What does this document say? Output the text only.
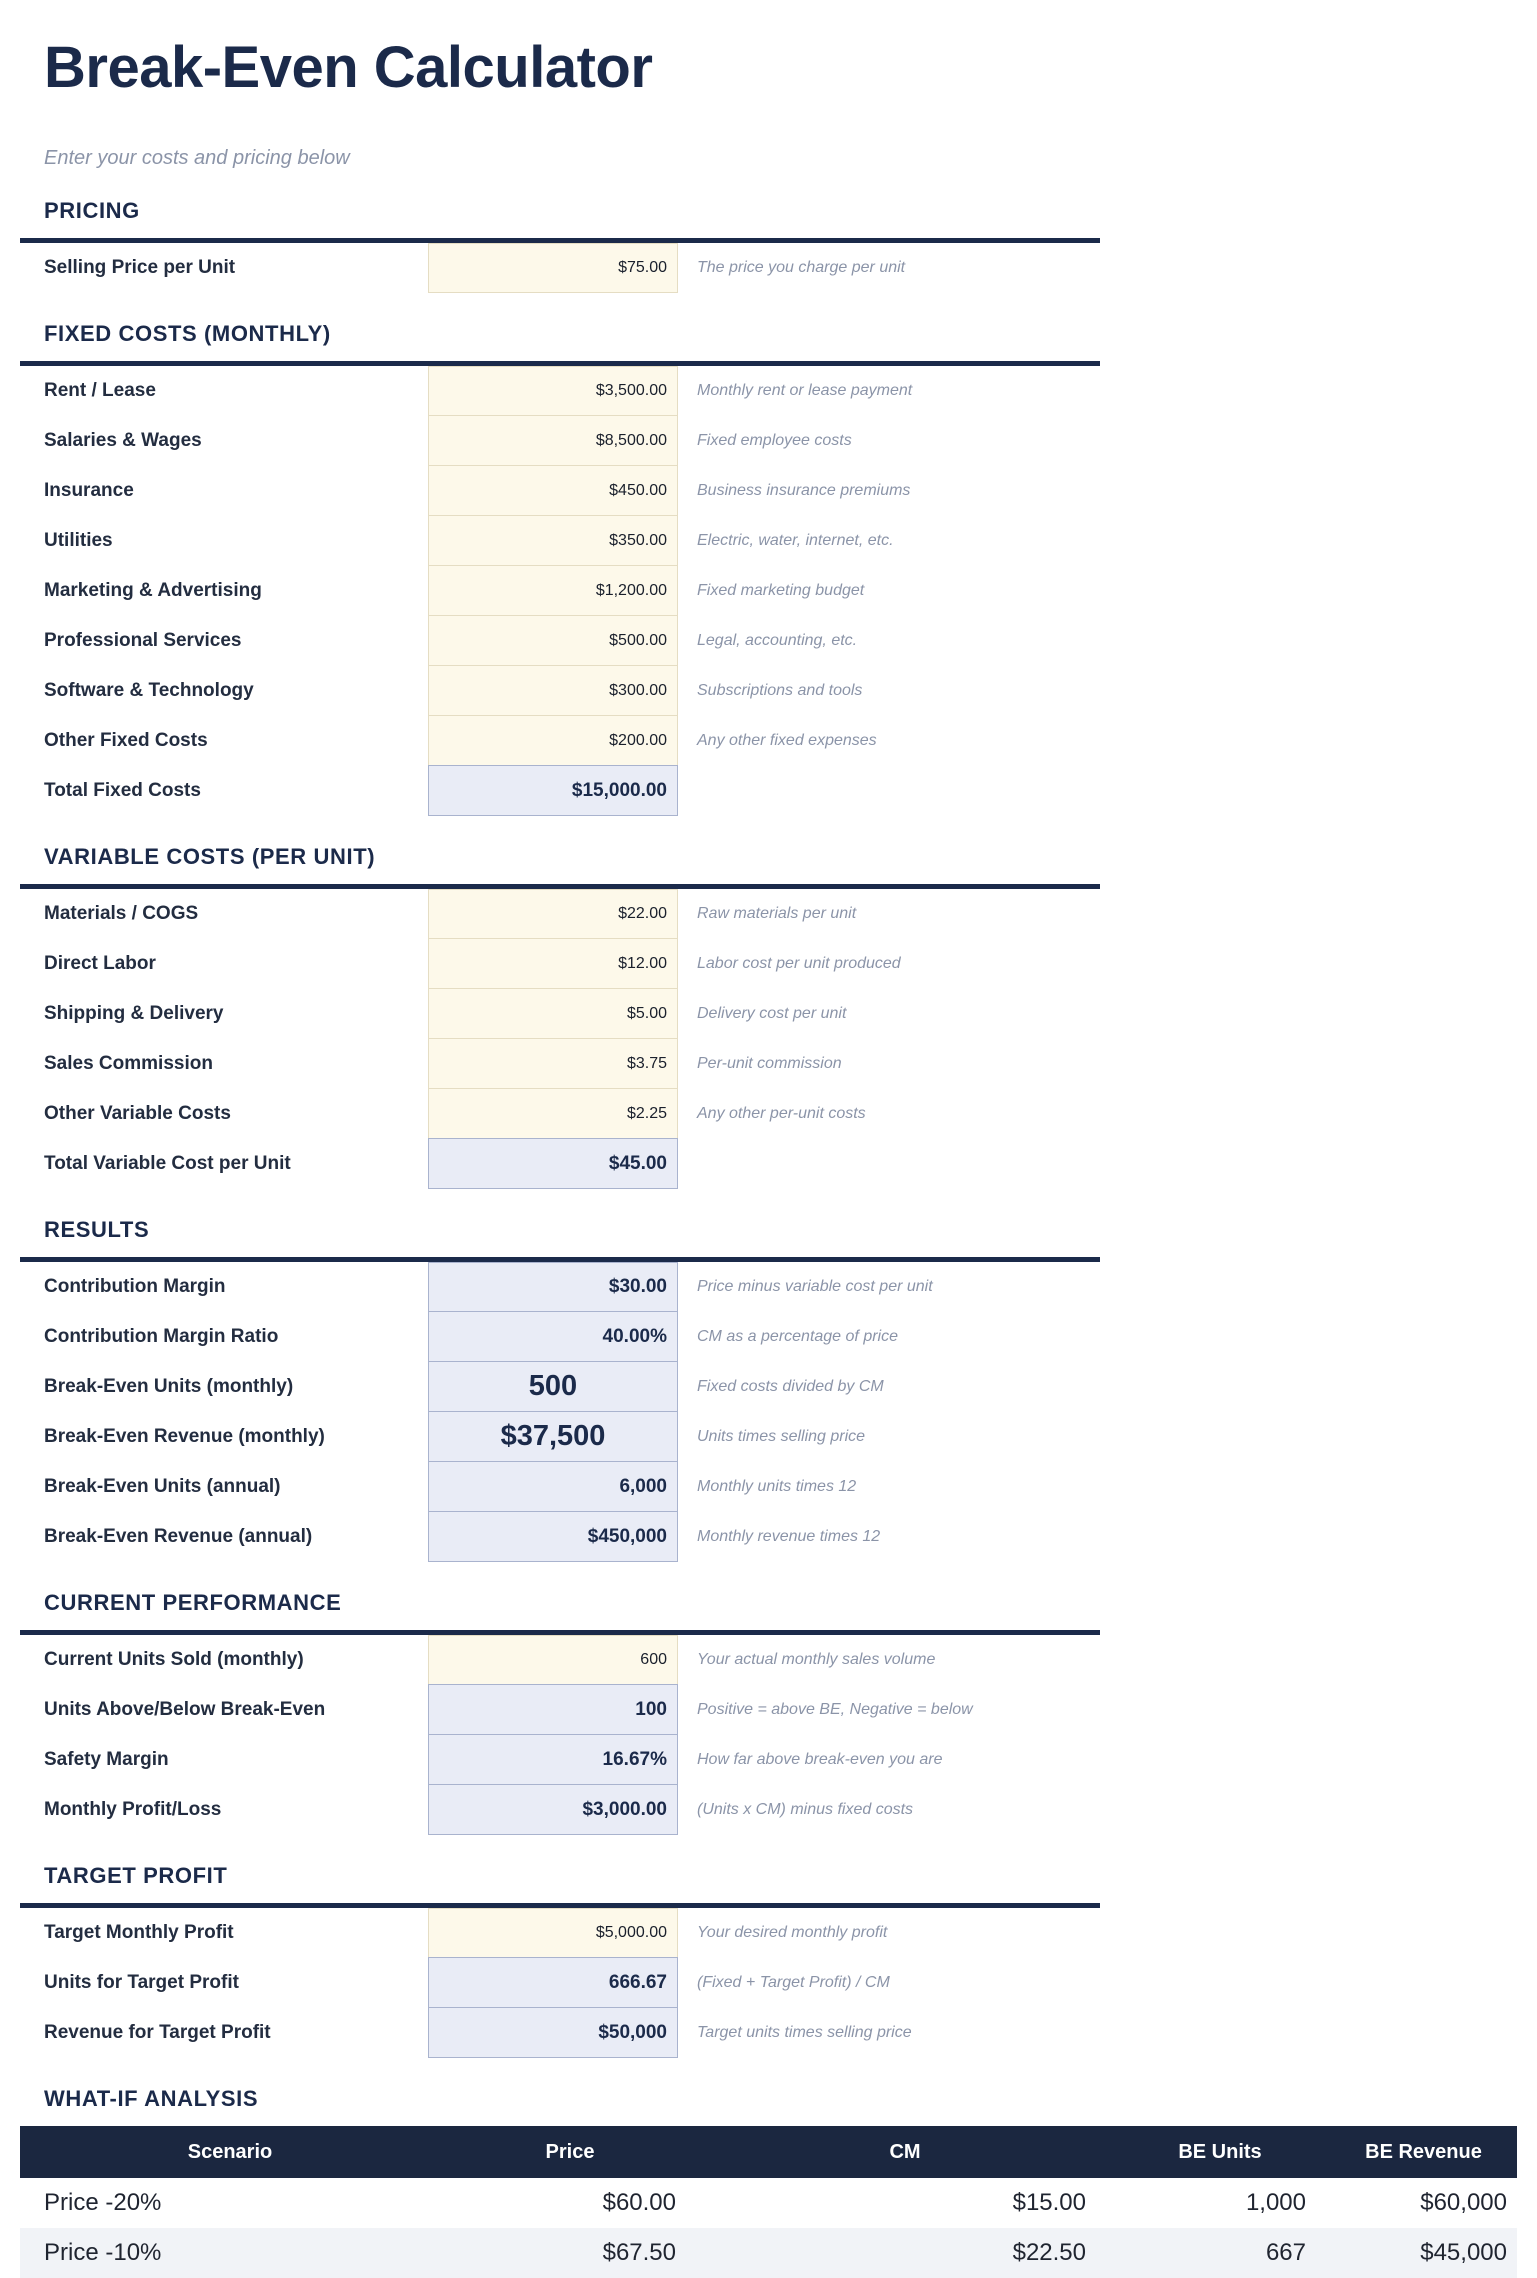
Break-Even Calculator
Enter your costs and pricing below
PRICING
Selling Price per Unit	$75.00	The price you charge per unit
FIXED COSTS (MONTHLY)
Rent / Lease	$3,500.00	Monthly rent or lease payment
Salaries & Wages	$8,500.00	Fixed employee costs
Insurance	$450.00	Business insurance premiums
Utilities	$350.00	Electric, water, internet, etc.
Marketing & Advertising	$1,200.00	Fixed marketing budget
Professional Services	$500.00	Legal, accounting, etc.
Software & Technology	$300.00	Subscriptions and tools
Other Fixed Costs	$200.00	Any other fixed expenses
Total Fixed Costs	$15,000.00
VARIABLE COSTS (PER UNIT)
Materials / COGS	$22.00	Raw materials per unit
Direct Labor	$12.00	Labor cost per unit produced
Shipping & Delivery	$5.00	Delivery cost per unit
Sales Commission	$3.75	Per-unit commission
Other Variable Costs	$2.25	Any other per-unit costs
Total Variable Cost per Unit	$45.00
RESULTS
Contribution Margin	$30.00	Price minus variable cost per unit
Contribution Margin Ratio	40.00%	CM as a percentage of price
Break-Even Units (monthly)	500	Fixed costs divided by CM
Break-Even Revenue (monthly)	$37,500	Units times selling price
Break-Even Units (annual)	6,000	Monthly units times 12
Break-Even Revenue (annual)	$450,000	Monthly revenue times 12
CURRENT PERFORMANCE
Current Units Sold (monthly)	600	Your actual monthly sales volume
Units Above/Below Break-Even	100	Positive = above BE, Negative = below
Safety Margin	16.67%	How far above break-even you are
Monthly Profit/Loss	$3,000.00	(Units x CM) minus fixed costs
TARGET PROFIT
Target Monthly Profit	$5,000.00	Your desired monthly profit
Units for Target Profit	666.67	(Fixed + Target Profit) / CM
Revenue for Target Profit	$50,000	Target units times selling price
WHAT-IF ANALYSIS
Scenario	Price	CM	BE Units	BE Revenue
Price -20%	$60.00	$15.00	1,000	$60,000
Price -10%	$67.50	$22.50	667	$45,000
